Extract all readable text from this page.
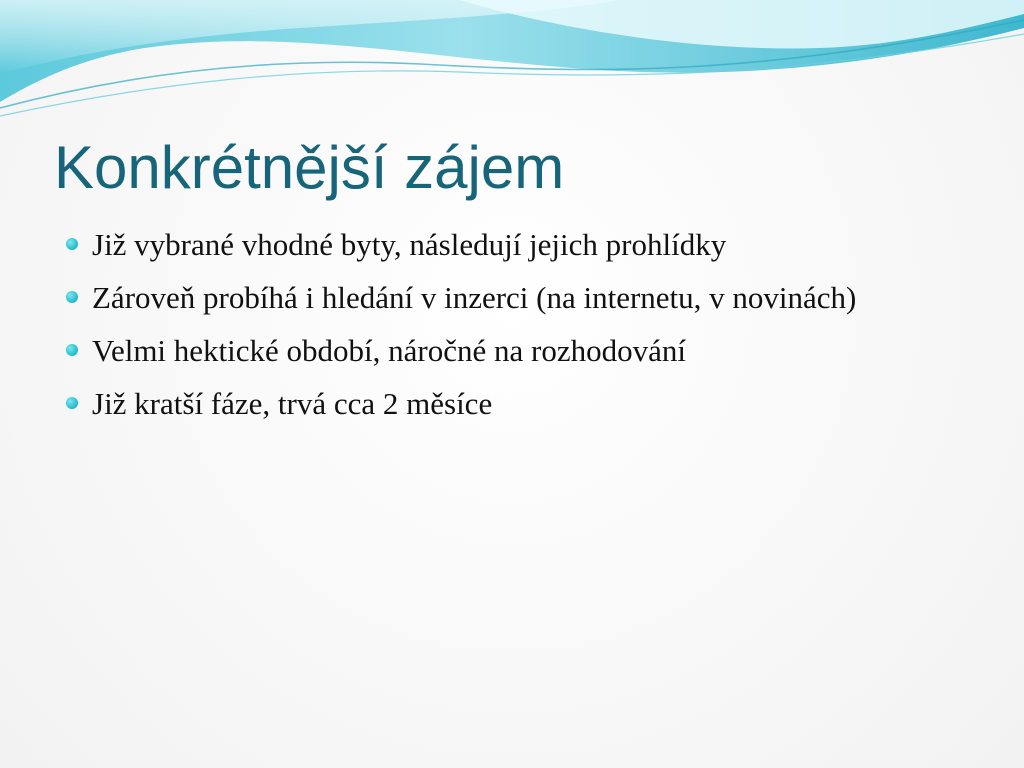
Konkrétnější zájem
Již vybrané vhodné byty, následují jejich prohlídky
Zároveň probíhá i hledání v inzerci (na internetu, v novinách)
Velmi hektické období, náročné na rozhodování
Již kratší fáze, trvá cca 2 měsíce
